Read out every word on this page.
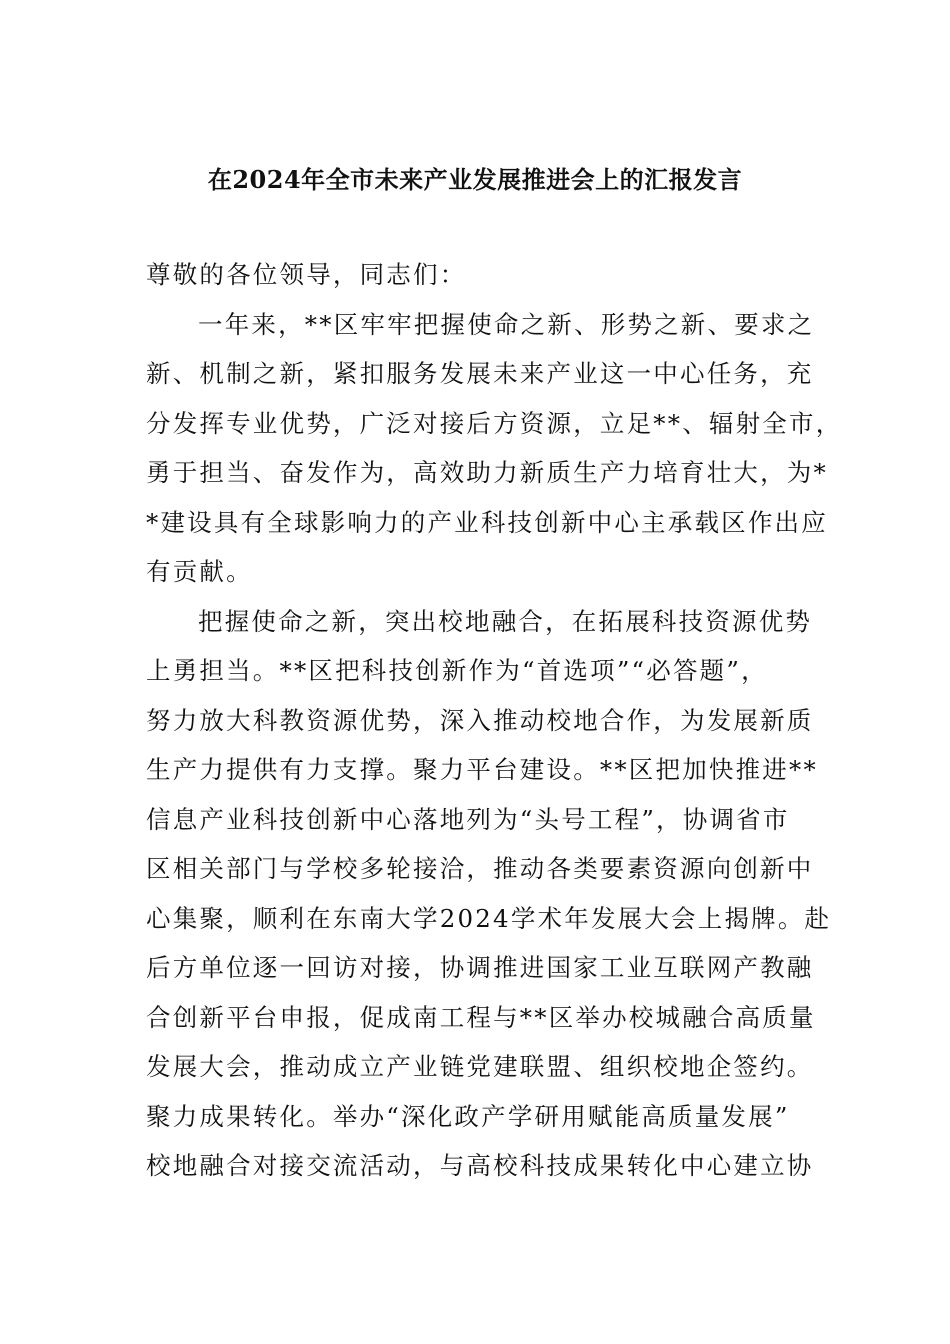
在2024年全市未来产业发展推进会上的汇报发言
尊敬的各位领导，同志们：
一年来，**区牢牢把握使命之新、形势之新、要求之
新、机制之新，紧扣服务发展未来产业这一中心任务，充
分发挥专业优势，广泛对接后方资源，立足**、辐射全市，
勇于担当、奋发作为，高效助力新质生产力培育壮大，为*
*建设具有全球影响力的产业科技创新中心主承载区作出应
有贡献。
把握使命之新，突出校地融合，在拓展科技资源优势
上勇担当。**区把科技创新作为“首选项”“必答题”，
努力放大科教资源优势，深入推动校地合作，为发展新质
生产力提供有力支撑。聚力平台建设。**区把加快推进**
信息产业科技创新中心落地列为“头号工程”，协调省市
区相关部门与学校多轮接洽，推动各类要素资源向创新中
心集聚，顺利在东南大学2024学术年发展大会上揭牌。赴
后方单位逐一回访对接，协调推进国家工业互联网产教融
合创新平台申报，促成南工程与**区举办校城融合高质量
发展大会，推动成立产业链党建联盟、组织校地企签约。
聚力成果转化。举办“深化政产学研用赋能高质量发展”
校地融合对接交流活动，与高校科技成果转化中心建立协
